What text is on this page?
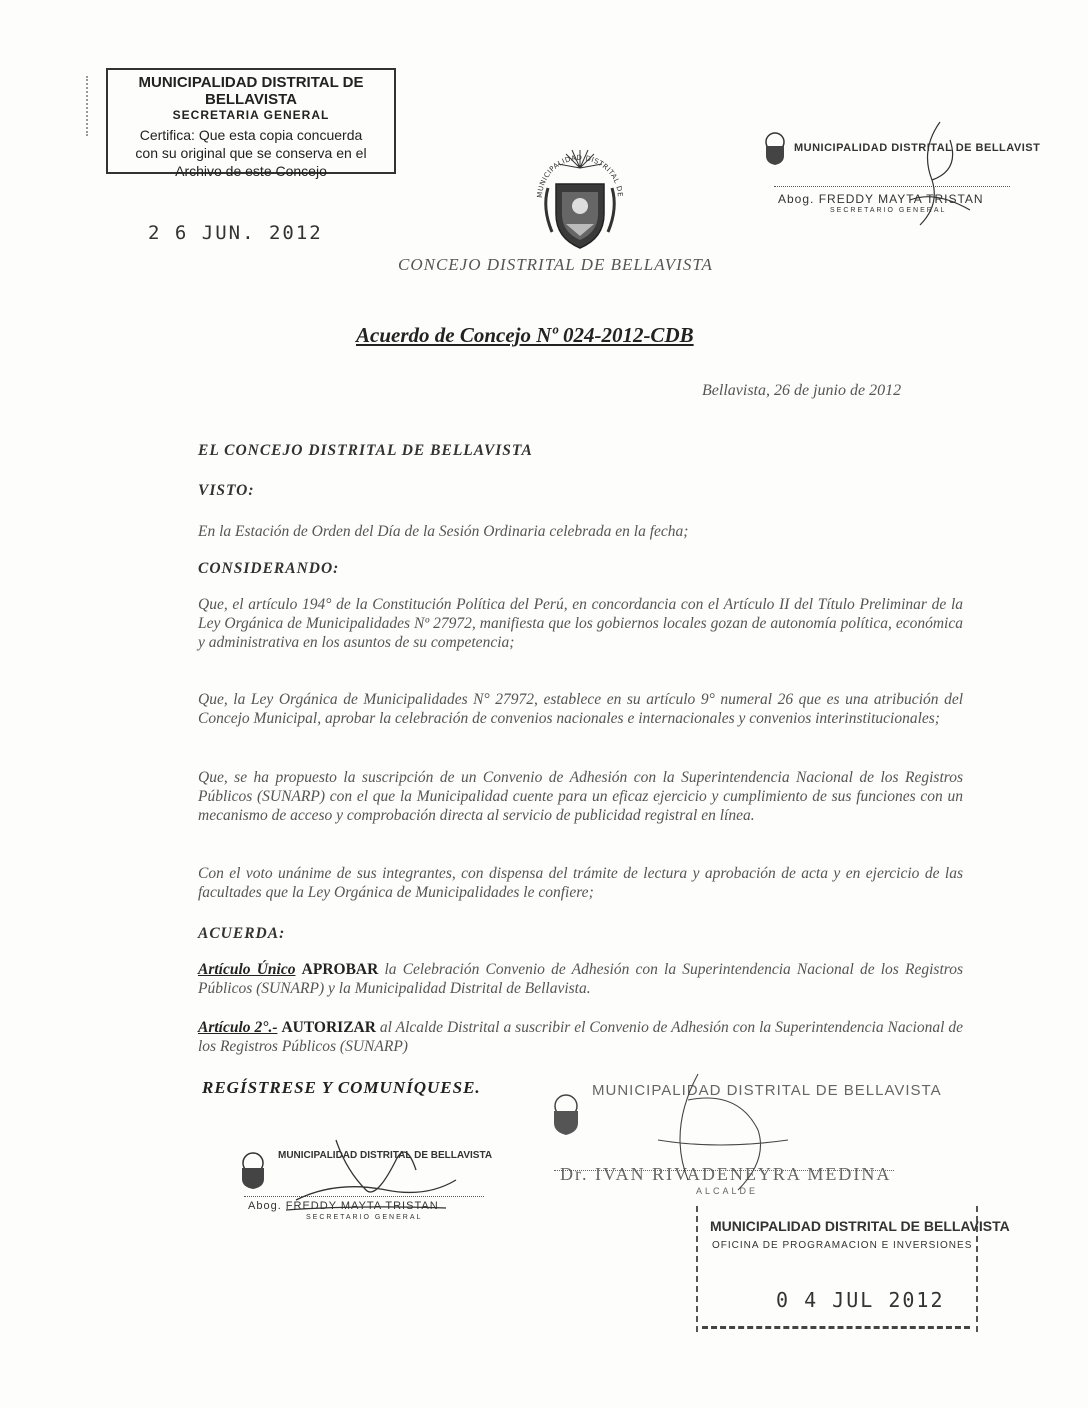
MUNICIPALIDAD DISTRITAL DE BELLAVISTA
SECRETARIA GENERAL
Certifica: Que esta copia concuerda
con su original que se conserva en el
Archivo de este Concejo
2 6 JUN. 2012
MUNICIPALIDAD DISTRITAL DE
MUNICIPALIDAD DISTRITAL DE BELLAVIST
Abog. FREDDY MAYTA TRISTAN
SECRETARIO GENERAL
CONCEJO DISTRITAL DE BELLAVISTA
Acuerdo de Concejo Nº 024-2012-CDB
Bellavista, 26 de junio de 2012
EL CONCEJO DISTRITAL DE BELLAVISTA
VISTO:
En la Estación de Orden del Día de la Sesión Ordinaria celebrada en la fecha;
CONSIDERANDO:
Que, el artículo 194° de la Constitución Política del Perú, en concordancia con el Artículo II del Título Preliminar de la Ley Orgánica de Municipalidades Nº 27972, manifiesta que los gobiernos locales gozan de autonomía política, económica y administrativa en los asuntos de su competencia;
Que, la Ley Orgánica de Municipalidades N° 27972, establece en su artículo 9° numeral 26 que es una atribución del Concejo Municipal, aprobar la celebración de convenios nacionales e internacionales y convenios interinstitucionales;
Que, se ha propuesto la suscripción de un Convenio de Adhesión con la Superintendencia Nacional de los Registros Públicos (SUNARP) con el que la Municipalidad cuente para un eficaz ejercicio y cumplimiento de sus funciones con un mecanismo de acceso y comprobación directa al servicio de publicidad registral en línea.
Con el voto unánime de sus integrantes, con dispensa del trámite de lectura y aprobación de acta y en ejercicio de las facultades que la Ley Orgánica de Municipalidades le confiere;
ACUERDA:
Artículo Único APROBAR la Celebración Convenio de Adhesión con la Superintendencia Nacional de los Registros Públicos (SUNARP) y la Municipalidad Distrital de Bellavista.
Artículo 2°.- AUTORIZAR al Alcalde Distrital a suscribir el Convenio de Adhesión con la Superintendencia Nacional de los Registros Públicos (SUNARP)
REGÍSTRESE Y COMUNÍQUESE.
MUNICIPALIDAD DISTRITAL DE BELLAVISTA
Abog. FREDDY MAYTA TRISTAN
SECRETARIO GENERAL
MUNICIPALIDAD DISTRITAL DE BELLAVISTA
Dr. IVAN RIVADENEYRA MEDINA
ALCALDE
MUNICIPALIDAD DISTRITAL DE BELLAVISTA
OFICINA DE PROGRAMACION E INVERSIONES
0 4 JUL 2012
